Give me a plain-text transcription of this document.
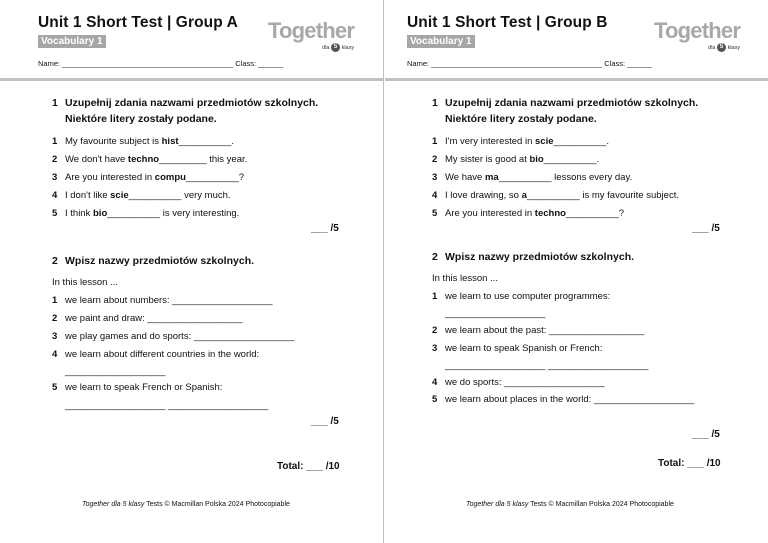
Unit 1 Short Test | Group A
Vocabulary 1	Together
dla 5 klasy
Name: _________________________________________ Class: ______
1 Uzupełnij zdania nazwami przedmiotów szkolnych. Niektóre litery zostały podane.
1 My favourite subject is hist__________.
2 We don't have techno_________ this year.
3 Are you interested in compu__________?
4 I don't like scie__________ very much.
5 I think bio__________ is very interesting.
___ /5
2 Wpisz nazwy przedmiotów szkolnych.
In this lesson ...
1 we learn about numbers: ___________________
2 we paint and draw: __________________
3 we play games and do sports: ___________________
4 we learn about different countries in the world:
___________________
5 we learn to speak French or Spanish:
___________________ ___________________
___ /5
Total: ___ /10
Together dla 5 klasy Tests © Macmillan Polska 2024 Photocopiable
Unit 1 Short Test | Group B
Vocabulary 1	Together
dla 5 klasy
Name: _________________________________________ Class: ______
1 Uzupełnij zdania nazwami przedmiotów szkolnych. Niektóre litery zostały podane.
1 I'm very interested in scie__________.
2 My sister is good at bio__________.
3 We have ma__________ lessons every day.
4 I love drawing, so a__________ is my favourite subject.
5 Are you interested in techno__________?
___ /5
2 Wpisz nazwy przedmiotów szkolnych.
In this lesson ...
1 we learn to use computer programmes:
___________________
2 we learn about the past: __________________
3 we learn to speak Spanish or French:
___________________ ___________________
4 we do sports: ___________________
5 we learn about places in the world: ___________________
___ /5
Total: ___ /10
Together dla 5 klasy Tests © Macmillan Polska 2024 Photocopiable
